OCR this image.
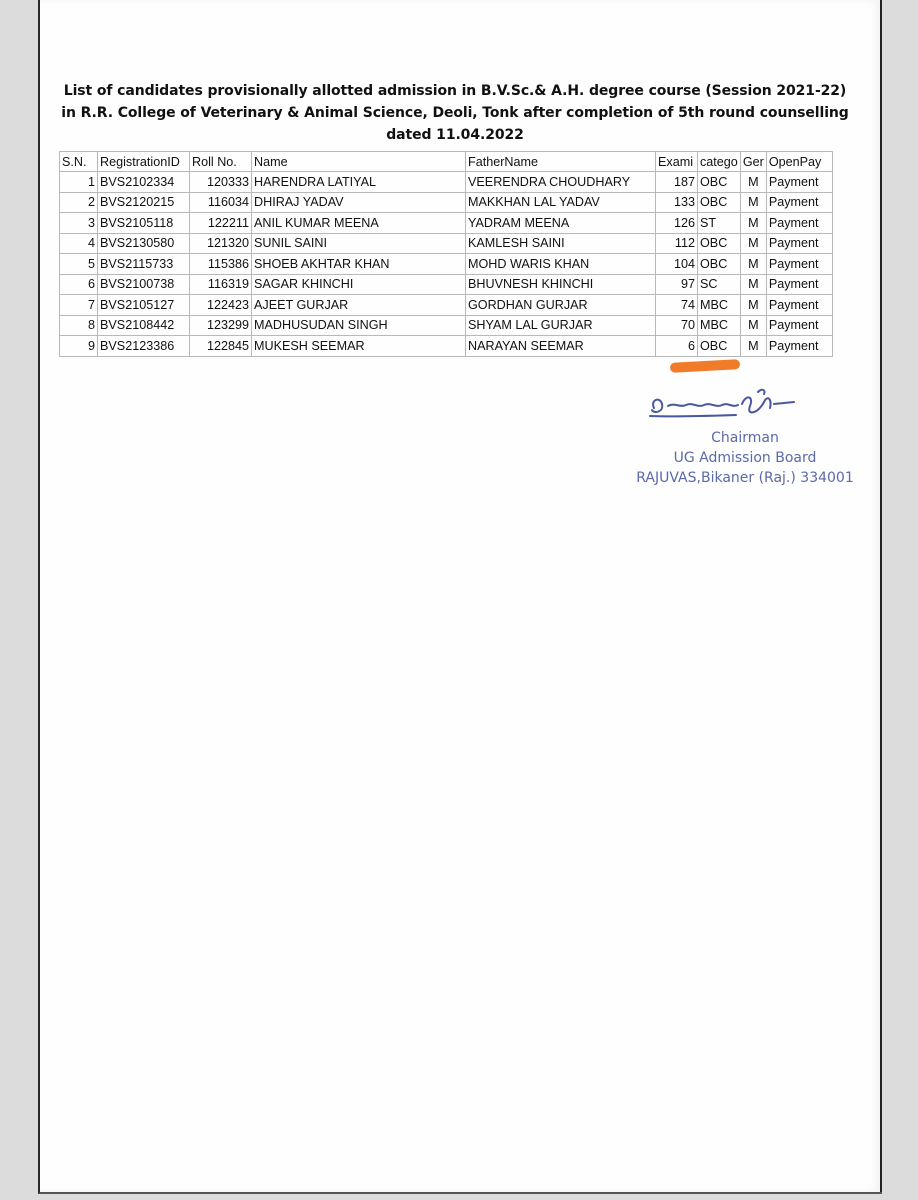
List of candidates provisionally allotted admission in B.V.Sc.& A.H. degree course (Session 2021-22)
in R.R. College of Veterinary & Animal Science, Deoli, Tonk after completion of 5th round counselling
dated 11.04.2022
S.N.	RegistrationID	Roll No.	Name	FatherName	Exami	catego	Ger	OpenPay
1	BVS2102334	120333	HARENDRA LATIYAL	VEERENDRA CHOUDHARY	187	OBC	M	Payment
2	BVS2120215	116034	DHIRAJ YADAV	MAKKHAN LAL YADAV	133	OBC	M	Payment
3	BVS2105118	122211	ANIL KUMAR MEENA	YADRAM MEENA	126	ST	M	Payment
4	BVS2130580	121320	SUNIL SAINI	KAMLESH SAINI	112	OBC	M	Payment
5	BVS2115733	115386	SHOEB AKHTAR KHAN	MOHD WARIS KHAN	104	OBC	M	Payment
6	BVS2100738	116319	SAGAR KHINCHI	BHUVNESH KHINCHI	97	SC	M	Payment
7	BVS2105127	122423	AJEET GURJAR	GORDHAN GURJAR	74	MBC	M	Payment
8	BVS2108442	123299	MADHUSUDAN SINGH	SHYAM LAL GURJAR	70	MBC	M	Payment
9	BVS2123386	122845	MUKESH SEEMAR	NARAYAN SEEMAR	6	OBC	M	Payment
Chairman
UG Admission Board
RAJUVAS,Bikaner (Raj.) 334001
